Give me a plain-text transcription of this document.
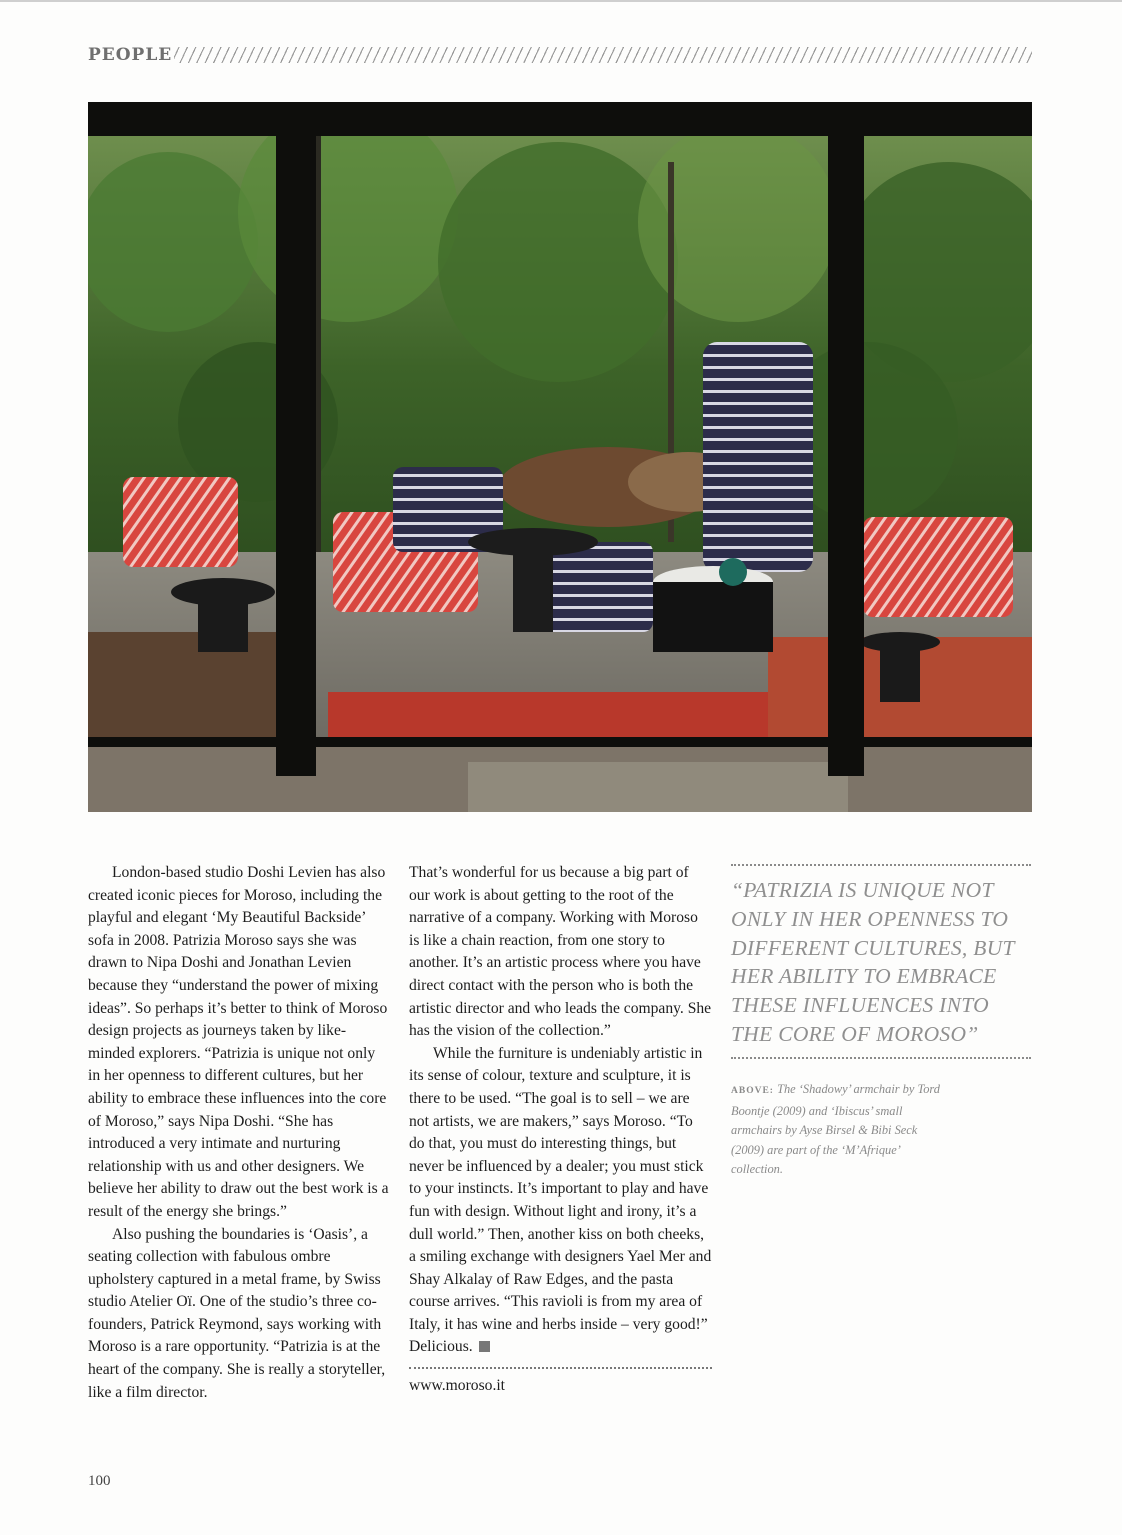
PEOPLE

London-based studio Doshi Levien has also created iconic pieces for Moroso, including the playful and elegant ‘My Beautiful Backside’ sofa in 2008. Patrizia Moroso says she was drawn to Nipa Doshi and Jonathan Levien because they “understand the power of mixing ideas”. So perhaps it’s better to think of Moroso design projects as journeys taken by like-minded explorers. “Patrizia is unique not only in her openness to different cultures, but her ability to embrace these influences into the core of Moroso,” says Nipa Doshi. “She has introduced a very intimate and nurturing relationship with us and other designers. We believe her ability to draw out the best work is a result of the energy she brings.”

Also pushing the boundaries is ‘Oasis’, a seating collection with fabulous ombre upholstery captured in a metal frame, by Swiss studio Atelier Oï. One of the studio’s three co-founders, Patrick Reymond, says working with Moroso is a rare opportunity. “Patrizia is at the heart of the company. She is really a storyteller, like a film director.

That’s wonderful for us because a big part of our work is about getting to the root of the narrative of a company. Working with Moroso is like a chain reaction, from one story to another. It’s an artistic process where you have direct contact with the person who is both the artistic director and who leads the company. She has the vision of the collection.”

While the furniture is undeniably artistic in its sense of colour, texture and sculpture, it is there to be used. “The goal is to sell – we are not artists, we are makers,” says Moroso. “To do that, you must do interesting things, but never be influenced by a dealer; you must stick to your instincts. It’s important to play and have fun with design. Without light and irony, it’s a dull world.” Then, another kiss on both cheeks, a smiling exchange with designers Yael Mer and Shay Alkalay of Raw Edges, and the pasta course arrives. “This ravioli is from my area of Italy, it has wine and herbs inside – very good!” Delicious.

www.moroso.it
“PATRIZIA IS UNIQUE NOT ONLY IN HER OPENNESS TO DIFFERENT CULTURES, BUT HER ABILITY TO EMBRACE THESE INFLUENCES INTO THE CORE OF MOROSO”
ABOVE: The ‘Shadowy’ armchair by Tord Boontje (2009) and ‘Ibiscus’ small armchairs by Ayse Birsel & Bibi Seck (2009) are part of the ‘M’Afrique’ collection.
100
